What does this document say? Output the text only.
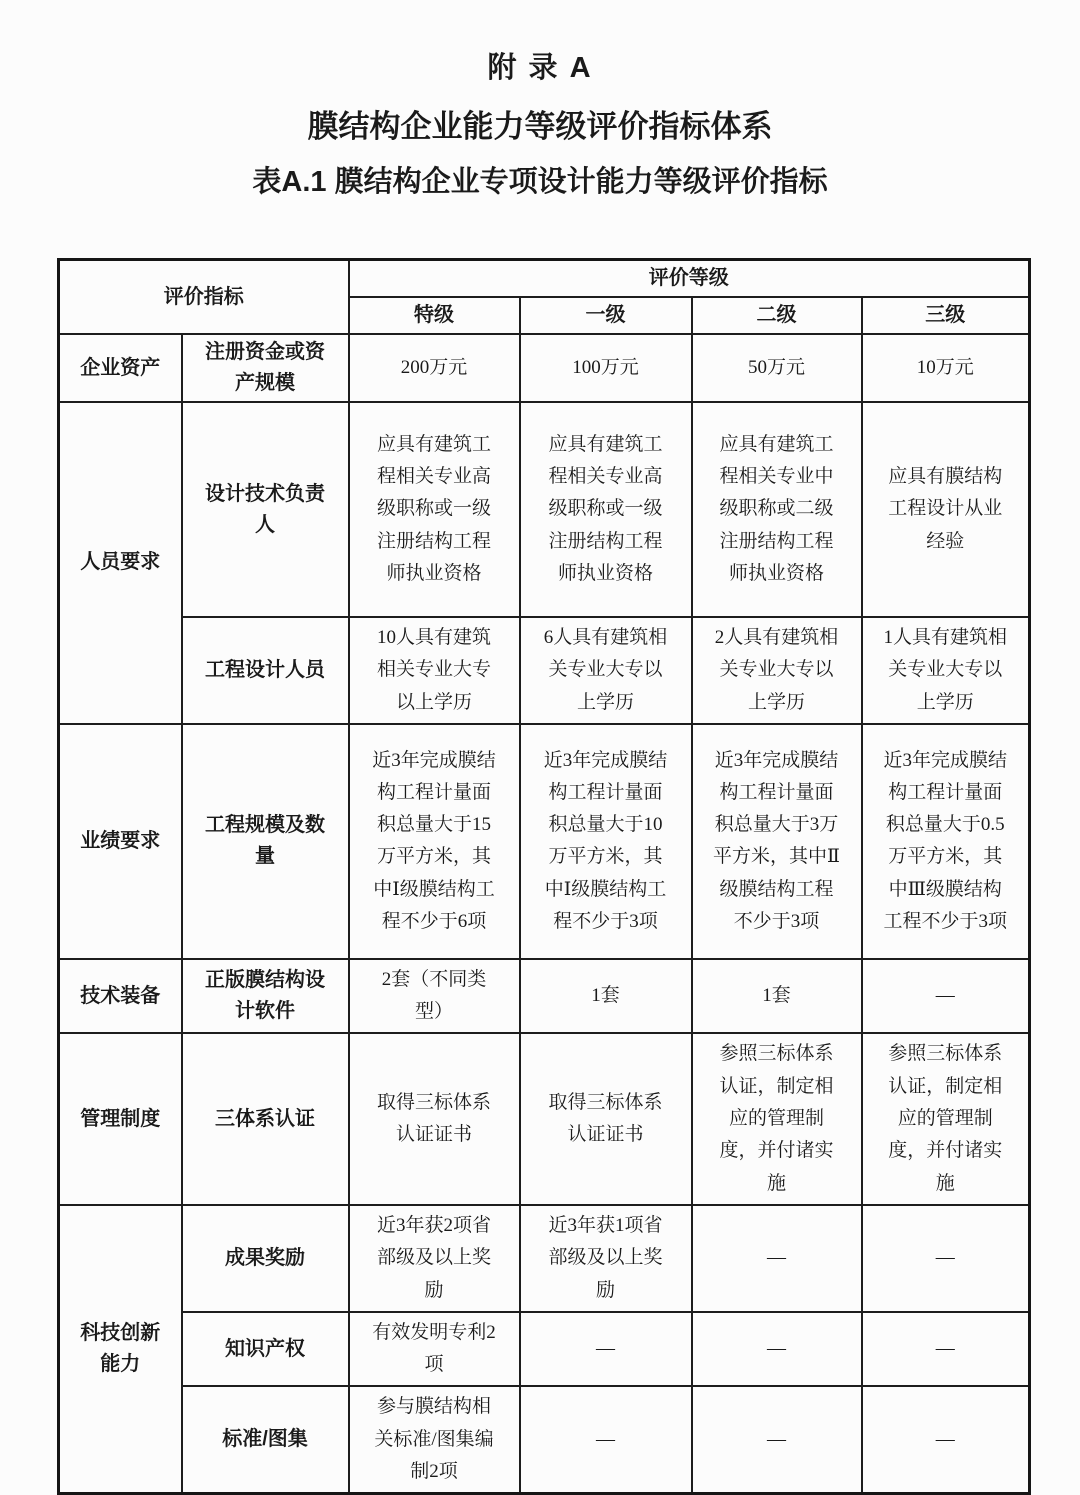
附 录 A
膜结构企业能力等级评价指标体系
表A.1 膜结构企业专项设计能力等级评价指标
评价指标		评价等级			
		特级	一级	二级	三级
企业资产	注册资金或资产规模	200万元	100万元	50万元	10万元
人员要求	设计技术负责人	应具有建筑工程相关专业高级职称或一级注册结构工程师执业资格	应具有建筑工程相关专业高级职称或一级注册结构工程师执业资格	应具有建筑工程相关专业中级职称或二级注册结构工程师执业资格	应具有膜结构工程设计从业经验
	工程设计人员	10人具有建筑相关专业大专以上学历	6人具有建筑相关专业大专以上学历	2人具有建筑相关专业大专以上学历	1人具有建筑相关专业大专以上学历
业绩要求	工程规模及数量	近3年完成膜结构工程计量面积总量大于15万平方米，其中Ⅰ级膜结构工程不少于6项	近3年完成膜结构工程计量面积总量大于10万平方米，其中Ⅰ级膜结构工程不少于3项	近3年完成膜结构工程计量面积总量大于3万平方米，其中Ⅱ级膜结构工程不少于3项	近3年完成膜结构工程计量面积总量大于0.5万平方米，其中Ⅲ级膜结构工程不少于3项
技术装备	正版膜结构设计软件	2套（不同类型）	1套	1套	—
管理制度	三体系认证	取得三标体系认证证书	取得三标体系认证证书	参照三标体系认证，制定相应的管理制度，并付诸实施	参照三标体系认证，制定相应的管理制度，并付诸实施
科技创新能力	成果奖励	近3年获2项省部级及以上奖励	近3年获1项省部级及以上奖励	—	—
	知识产权	有效发明专利2项	—	—	—
	标准/图集	参与膜结构相关标准/图集编制2项	—	—	—
